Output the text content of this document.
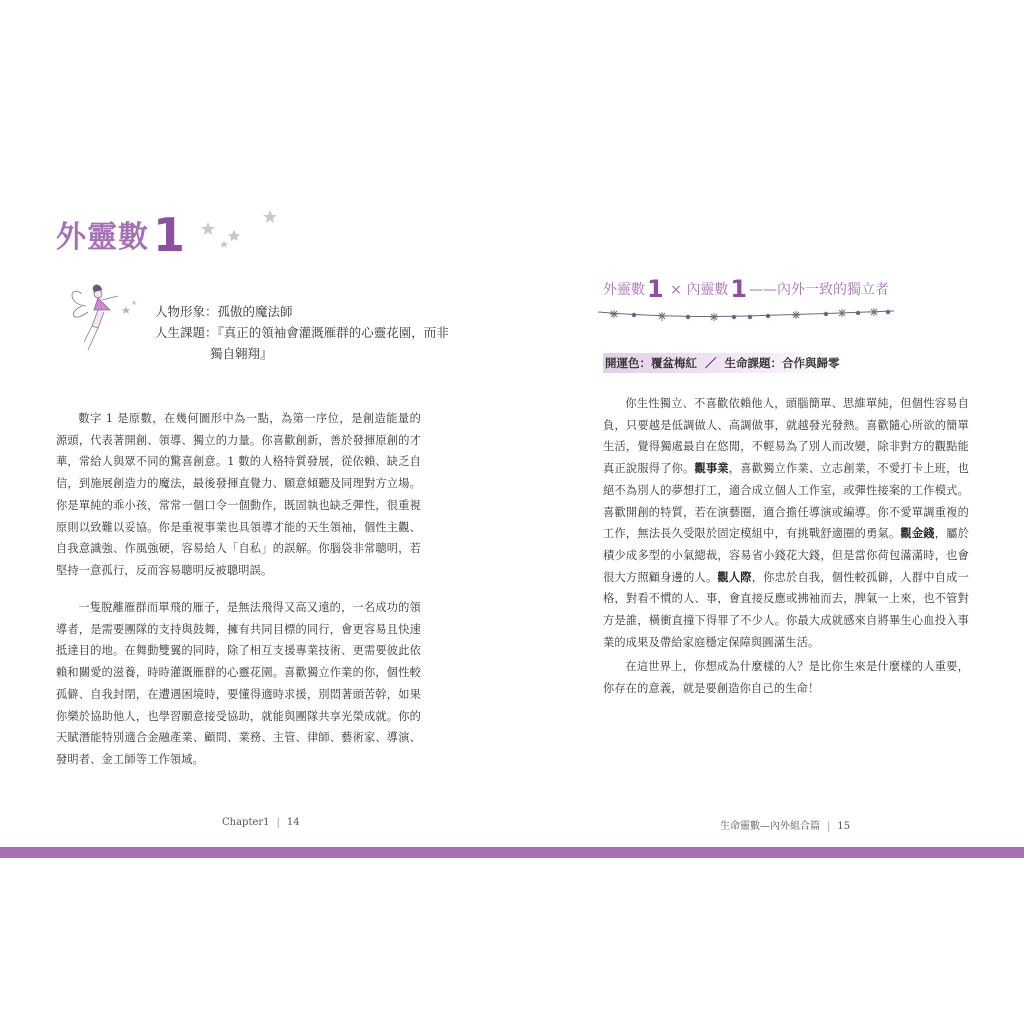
外靈數1
人物形象：孤傲的魔法師
人生課題：『真正的領袖會灌溉雁群的心靈花園，而非
獨自翱翔』

數字 1 是原數，在幾何圖形中為一點，為第一序位，是創造能量的源頭，代表著開創、領導、獨立的力量。你喜歡創新，善於發揮原創的才華，常給人與眾不同的驚喜創意。1 數的人格特質發展，從依賴、缺乏自信，到施展創造力的魔法，最後發揮直覺力、願意傾聽及同理對方立場。你是單純的乖小孩，常常一個口令一個動作，既固執也缺乏彈性，很重視原則以致難以妥協。你是重視事業也具領導才能的天生領袖，個性主觀、自我意識強、作風強硬，容易給人「自私」的誤解。你腦袋非常聰明，若堅持一意孤行，反而容易聰明反被聰明誤。

一隻脫離雁群而單飛的雁子，是無法飛得又高又遠的，一名成功的領導者，是需要團隊的支持與鼓舞，擁有共同目標的同行，會更容易且快速抵達目的地。在舞動雙翼的同時，除了相互支援專業技術、更需要彼此依賴和關愛的滋養，時時灌溉雁群的心靈花園。喜歡獨立作業的你，個性較孤僻、自我封閉，在遭遇困境時，要懂得適時求援，別悶著頭苦幹，如果你樂於協助他人，也學習願意接受協助，就能與團隊共享光榮成就。你的天賦潛能特別適合金融產業、顧問、業務、主管、律師、藝術家、導演、發明者、金工師等工作領域。

Chapter1 | 14
外靈數1 × 內靈數1 ——內外一致的獨立者
開運色：覆盆梅紅 ／ 生命課題：合作與歸零

你生性獨立、不喜歡依賴他人，頭腦簡單、思維單純，但個性容易自負，只要越是低調做人、高調做事，就越發光發熱。喜歡隨心所欲的簡單生活，覺得獨處最自在悠閒，不輕易為了別人而改變，除非對方的觀點能真正說服得了你。觀事業，喜歡獨立作業、立志創業，不愛打卡上班，也絕不為別人的夢想打工，適合成立個人工作室，或彈性接案的工作模式。喜歡開創的特質，若在演藝圈，適合擔任導演或編導。你不愛單調重複的工作，無法長久受限於固定模組中，有挑戰舒適圈的勇氣。觀金錢，屬於積少成多型的小氣總裁，容易省小錢花大錢，但是當你荷包滿滿時，也會很大方照顧身邊的人。觀人際，你忠於自我，個性較孤僻，人群中自成一格，對看不慣的人、事，會直接反應或拂袖而去，脾氣一上來，也不管對方是誰，橫衝直撞下得罪了不少人。你最大成就感來自將畢生心血投入事業的成果及帶給家庭穩定保障與圓滿生活。

在這世界上，你想成為什麼樣的人？是比你生來是什麼樣的人重要，你存在的意義，就是要創造你自己的生命！

生命靈數—內外組合篇 | 15
